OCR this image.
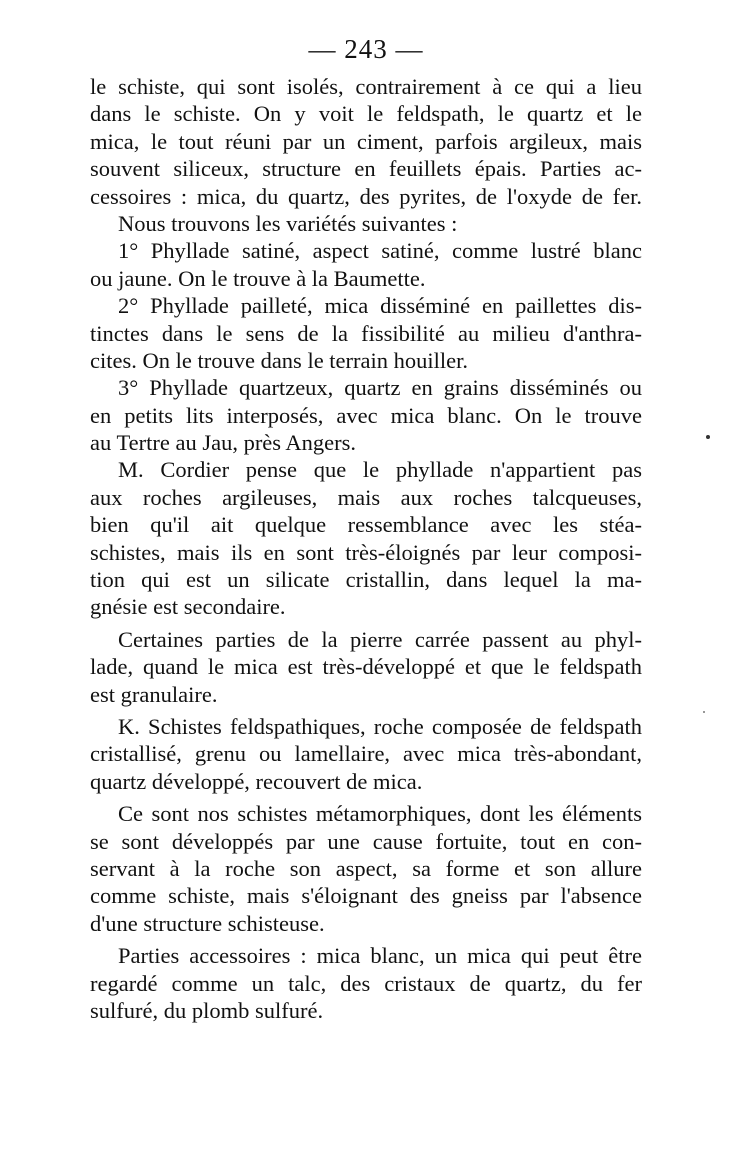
— 243 —
le schiste, qui sont isolés, contrairement à ce qui a lieu
dans le schiste. On y voit le feldspath, le quartz et le
mica, le tout réuni par un ciment, parfois argileux, mais
souvent siliceux, structure en feuillets épais. Parties ac-
cessoires : mica, du quartz, des pyrites, de l'oxyde de fer.
Nous trouvons les variétés suivantes :
1° Phyllade satiné, aspect satiné, comme lustré blanc
ou jaune. On le trouve à la Baumette.
2° Phyllade pailleté, mica disséminé en paillettes dis-
tinctes dans le sens de la fissibilité au milieu d'anthra-
cites. On le trouve dans le terrain houiller.
3° Phyllade quartzeux, quartz en grains disséminés ou
en petits lits interposés, avec mica blanc. On le trouve
au Tertre au Jau, près Angers.
M. Cordier pense que le phyllade n'appartient pas
aux roches argileuses, mais aux roches talcqueuses,
bien qu'il ait quelque ressemblance avec les stéa-
schistes, mais ils en sont très-éloignés par leur composi-
tion qui est un silicate cristallin, dans lequel la ma-
gnésie est secondaire.
Certaines parties de la pierre carrée passent au phyl-
lade, quand le mica est très-développé et que le feldspath
est granulaire.
K. Schistes feldspathiques, roche composée de feldspath
cristallisé, grenu ou lamellaire, avec mica très-abondant,
quartz développé, recouvert de mica.
Ce sont nos schistes métamorphiques, dont les éléments
se sont développés par une cause fortuite, tout en con-
servant à la roche son aspect, sa forme et son allure
comme schiste, mais s'éloignant des gneiss par l'absence
d'une structure schisteuse.
Parties accessoires : mica blanc, un mica qui peut être
regardé comme un talc, des cristaux de quartz, du fer
sulfuré, du plomb sulfuré.
